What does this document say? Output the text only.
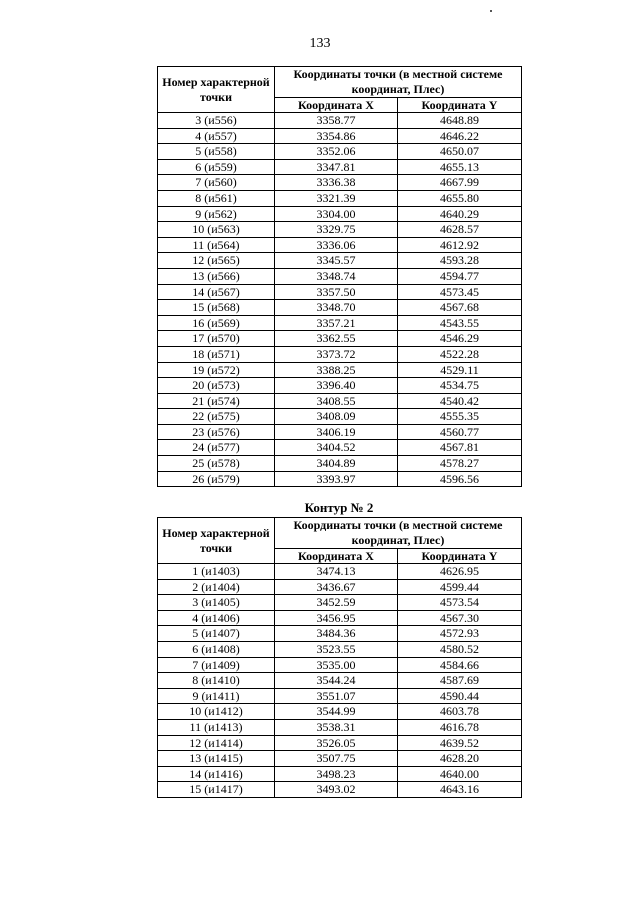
133
Номер характерной точки	Координаты точки (в местной системе координат, Плес)	
	Координата X	Координата Y
3 (и556)	3358.77	4648.89
4 (и557)	3354.86	4646.22
5 (и558)	3352.06	4650.07
6 (и559)	3347.81	4655.13
7 (и560)	3336.38	4667.99
8 (и561)	3321.39	4655.80
9 (и562)	3304.00	4640.29
10 (и563)	3329.75	4628.57
11 (и564)	3336.06	4612.92
12 (и565)	3345.57	4593.28
13 (и566)	3348.74	4594.77
14 (и567)	3357.50	4573.45
15 (и568)	3348.70	4567.68
16 (и569)	3357.21	4543.55
17 (и570)	3362.55	4546.29
18 (и571)	3373.72	4522.28
19 (и572)	3388.25	4529.11
20 (и573)	3396.40	4534.75
21 (и574)	3408.55	4540.42
22 (и575)	3408.09	4555.35
23 (и576)	3406.19	4560.77
24 (и577)	3404.52	4567.81
25 (и578)	3404.89	4578.27
26 (и579)	3393.97	4596.56
Контур № 2
Номер характерной точки	Координаты точки (в местной системе координат, Плес)	
	Координата X	Координата Y
1 (и1403)	3474.13	4626.95
2 (и1404)	3436.67	4599.44
3 (и1405)	3452.59	4573.54
4 (и1406)	3456.95	4567.30
5 (и1407)	3484.36	4572.93
6 (и1408)	3523.55	4580.52
7 (и1409)	3535.00	4584.66
8 (и1410)	3544.24	4587.69
9 (и1411)	3551.07	4590.44
10 (и1412)	3544.99	4603.78
11 (и1413)	3538.31	4616.78
12 (и1414)	3526.05	4639.52
13 (и1415)	3507.75	4628.20
14 (и1416)	3498.23	4640.00
15 (и1417)	3493.02	4643.16
